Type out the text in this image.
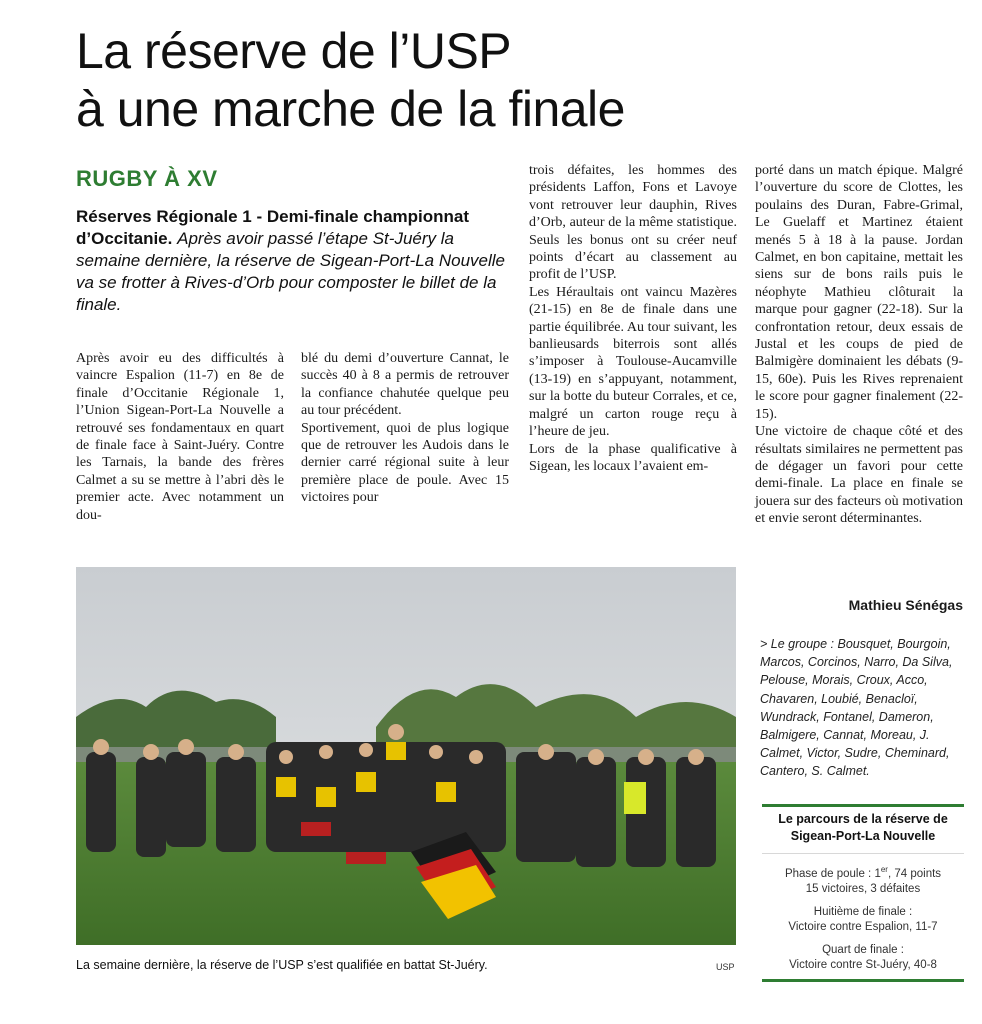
La réserve de l’USP
à une marche de la finale
RUGBY À XV
Réserves Régionale 1 - Demi-finale championnat d’Occitanie. Après avoir passé l’étape St-Juéry la semaine dernière, la réserve de Sigean-Port-La Nouvelle va se frotter à Rives-d’Orb pour composter le billet de la finale.

Après avoir eu des difficultés à vaincre Espalion (11-7) en 8e de finale d’Occitanie Régionale 1, l’Union Sigean-Port-La Nouvelle a retrouvé ses fondamentaux en quart de finale face à Saint-Juéry. Contre les Tarnais, la bande des frères Calmet a su se mettre à l’abri dès le premier acte. Avec notamment un dou-

blé du demi d’ouverture Cannat, le succès 40 à 8 a permis de retrouver la confiance chahutée quelque peu au tour précédent.

Sportivement, quoi de plus logique que de retrouver les Audois dans le dernier carré régional suite à leur première place de poule. Avec 15 victoires pour

trois défaites, les hommes des présidents Laffon, Fons et Lavoye vont retrouver leur dauphin, Rives d’Orb, auteur de la même statistique. Seuls les bonus ont su créer neuf points d’écart au classement au profit de l’USP.

Les Héraultais ont vaincu Mazères (21-15) en 8e de finale dans une partie équilibrée. Au tour suivant, les banlieusards biterrois sont allés s’imposer à Toulouse-Aucamville (13-19) en s’appuyant, notamment, sur la botte du buteur Corrales, et ce, malgré un carton rouge reçu à l’heure de jeu.

Lors de la phase qualificative à Sigean, les locaux l’avaient em-

porté dans un match épique. Malgré l’ouverture du score de Clottes, les poulains des Duran, Fabre-Grimal, Le Guelaff et Martinez étaient menés 5 à 18 à la pause. Jordan Calmet, en bon capitaine, mettait les siens sur de bons rails puis le néophyte Mathieu clôturait la marque pour gagner (22-18). Sur la confrontation retour, deux essais de Justal et les coups de pied de Balmigère dominaient les débats (9-15, 60e). Puis les Rives reprenaient le score pour gagner finalement (22-15).

Une victoire de chaque côté et des résultats similaires ne permettent pas de dégager un favori pour cette demi-finale. La place en finale se jouera sur des facteurs où motivation et envie seront déterminantes.

Mathieu Sénégas
> Le groupe : Bousquet, Bourgoin, Marcos, Corcinos, Narro, Da Silva, Pelouse, Morais, Croux, Acco, Chavaren, Loubié, Benacloï, Wundrack, Fontanel, Dameron, Balmigere, Cannat, Moreau, J. Calmet, Victor, Sudre, Cheminard, Cantero, S. Calmet.
La semaine dernière, la réserve de l’USP s’est qualifiée en battat St-Juéry.	USP
Le parcours de la réserve de
Sigean-Port-La Nouvelle
Phase de poule : 1er, 74 points
15 victoires, 3 défaites
Huitième de finale :
Victoire contre Espalion, 11-7
Quart de finale :
Victoire contre St-Juéry, 40-8
